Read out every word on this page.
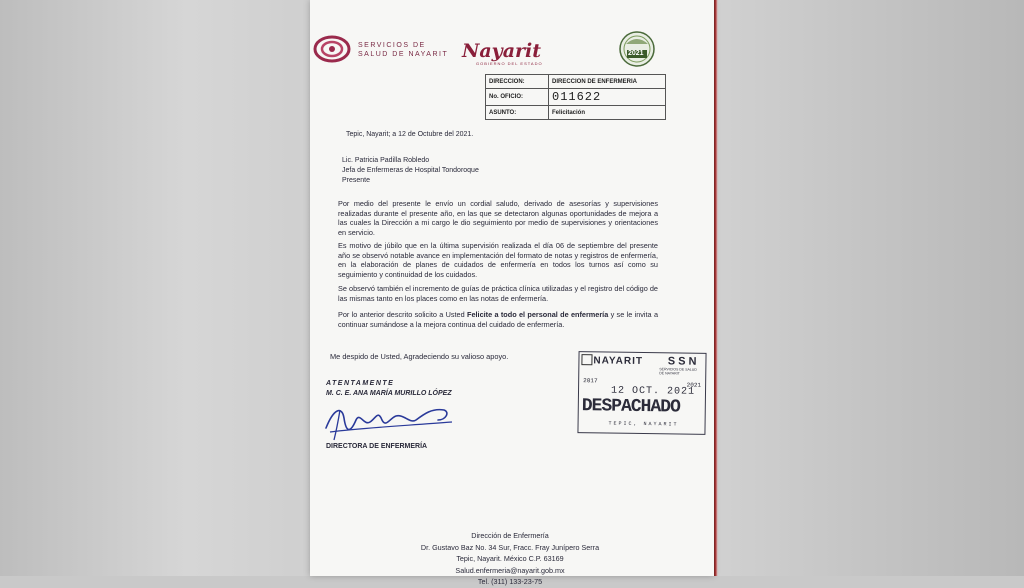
SERVICIOS DE SALUD DE NAYARIT Nayarit
GOBIERNO DEL ESTADO
2021
DIRECCION:	DIRECCION DE ENFERMERIA
No. OFICIO:	011622
ASUNTO:	Felicitación
Tepic, Nayarit; a 12 de Octubre del 2021.
Lic. Patricia Padilla Robledo
Jefa de Enfermeras de Hospital Tondoroque
Presente
Por medio del presente le envío un cordial saludo, derivado de asesorías y supervisiones realizadas durante el presente año, en las que se detectaron algunas oportunidades de mejora a las cuales la Dirección a mi cargo le dio seguimiento por medio de supervisiones y orientaciones en servicio.
Es motivo de júbilo que en la última supervisión realizada el día 06 de septiembre del presente año se observó notable avance en implementación del formato de notas y registros de enfermería, en la elaboración de planes de cuidados de enfermería en todos los turnos así como su seguimiento y continuidad de los cuidados.
Se observó también el incremento de guías de práctica clínica utilizadas y el registro del código de las mismas tanto en los places como en las notas de enfermería.
Por lo anterior descrito solicito a Usted Felicite a todo el personal de enfermería y se le invita a continuar sumándose a la mejora continua del cuidado de enfermería.
Me despido de Usted, Agradeciendo su valioso apoyo.
ATENTAMENTE
M. C. E. ANA MARÍA MURILLO LÓPEZ
DIRECTORA DE ENFERMERÍA
NAYARIT SSN
SERVICIOS DE SALUD DE NAYARIT
2017
2021
12 OCT. 2021
DESPACHADO
TEPIC, NAYARIT
Dirección de Enfermería
Dr. Gustavo Baz No. 34 Sur, Fracc. Fray Junípero Serra
Tepic, Nayarit. México C.P. 63169
Salud.enfermeria@nayarit.gob.mx
Tel. (311) 133-23-75
